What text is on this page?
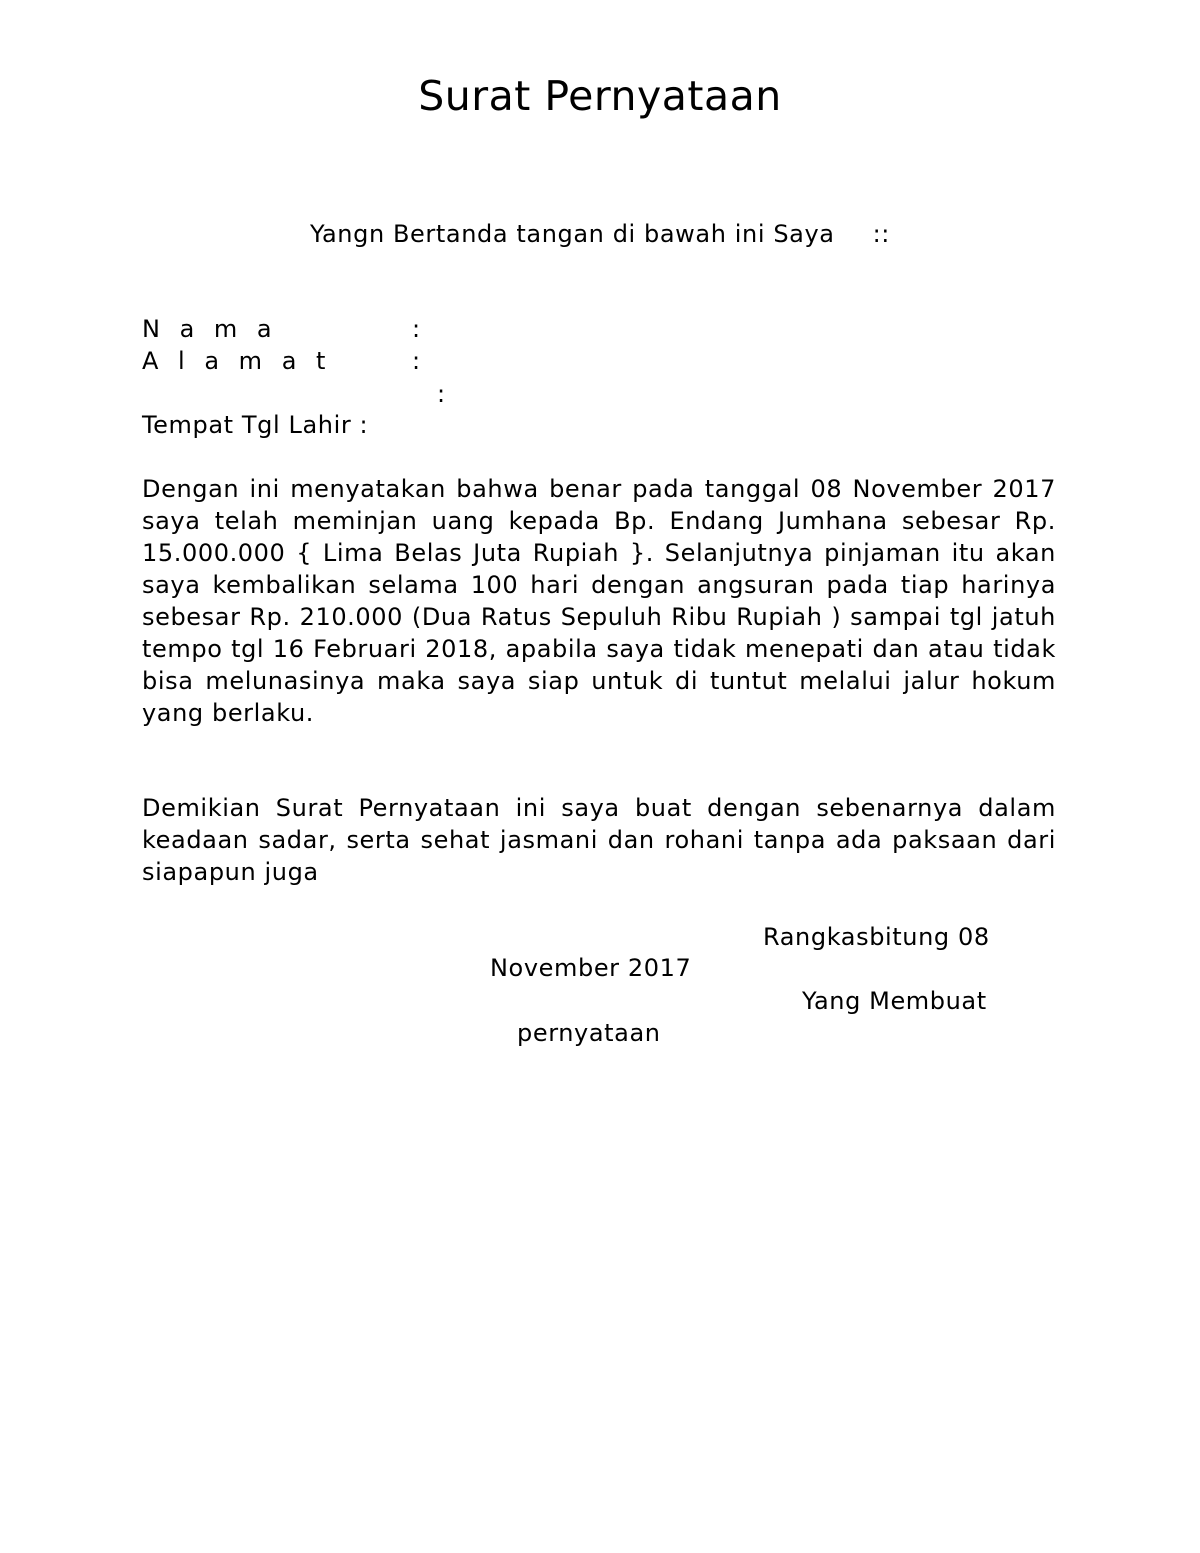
Surat Pernyataan
Yangn Bertanda tangan di bawah ini Saya ::
N a m a	:
A l a m a t	:
:
Tempat Tgl Lahir :

Dengan ini menyatakan bahwa benar pada tanggal 08 November 2017 saya telah meminjan uang kepada Bp. Endang Jumhana sebesar Rp. 15.000.000 { Lima Belas Juta Rupiah }. Selanjutnya pinjaman itu akan saya kembalikan selama 100 hari dengan angsuran pada tiap harinya sebesar Rp. 210.000 (Dua Ratus Sepuluh Ribu Rupiah ) sampai tgl jatuh tempo tgl 16 Februari 2018, apabila saya tidak menepati dan atau tidak bisa melunasinya maka saya siap untuk di tuntut melalui jalur hokum yang berlaku.

Demikian Surat Pernyataan ini saya buat dengan sebenarnya dalam keadaan sadar, serta sehat jasmani dan rohani tanpa ada paksaan dari siapapun juga

Rangkasbitung 08
November 2017
Yang Membuat
pernyataan
